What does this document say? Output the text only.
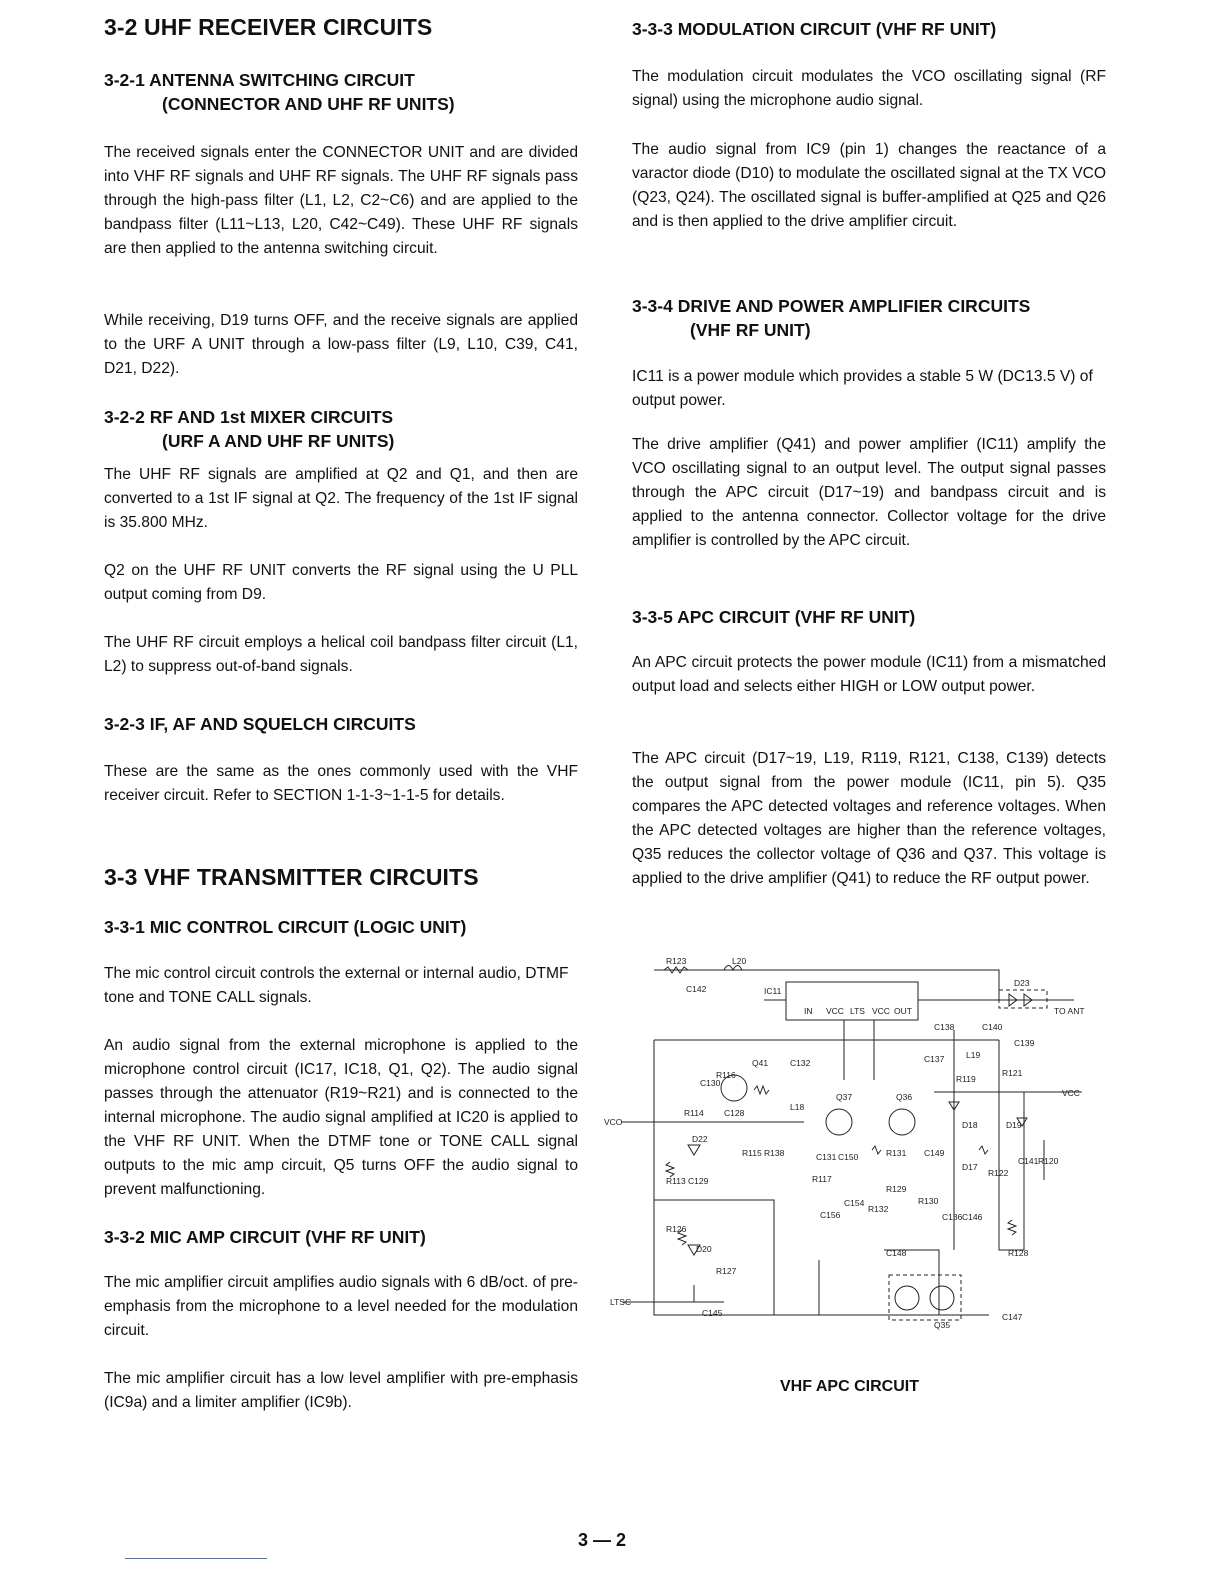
3-2 UHF RECEIVER CIRCUITS
3-2-1 ANTENNA SWITCHING CIRCUIT
(CONNECTOR AND UHF RF UNITS)
The received signals enter the CONNECTOR UNIT and are divided into VHF RF signals and UHF RF signals. The UHF RF signals pass through the high-pass filter (L1, L2, C2~C6) and are applied to the bandpass filter (L11~L13, L20, C42~C49). These UHF RF signals are then applied to the antenna switching circuit.
While receiving, D19 turns OFF, and the receive signals are applied to the URF A UNIT through a low-pass filter (L9, L10, C39, C41, D21, D22).
3-2-2 RF AND 1st MIXER CIRCUITS
(URF A AND UHF RF UNITS)
The UHF RF signals are amplified at Q2 and Q1, and then are converted to a 1st IF signal at Q2. The frequency of the 1st IF signal is 35.800 MHz.
Q2 on the UHF RF UNIT converts the RF signal using the U PLL output coming from D9.
The UHF RF circuit employs a helical coil bandpass filter circuit (L1, L2) to suppress out-of-band signals.
3-2-3 IF, AF AND SQUELCH CIRCUITS
These are the same as the ones commonly used with the VHF receiver circuit. Refer to SECTION 1-1-3~1-1-5 for details.
3-3 VHF TRANSMITTER CIRCUITS
3-3-1 MIC CONTROL CIRCUIT (LOGIC UNIT)
The mic control circuit controls the external or internal audio, DTMF tone and TONE CALL signals.
An audio signal from the external microphone is applied to the microphone control circuit (IC17, IC18, Q1, Q2). The audio signal passes through the attenuator (R19~R21) and is connected to the internal microphone. The audio signal amplified at IC20 is applied to the VHF RF UNIT. When the DTMF tone or TONE CALL signal outputs to the mic amp circuit, Q5 turns OFF the audio signal to prevent malfunctioning.
3-3-2 MIC AMP CIRCUIT (VHF RF UNIT)
The mic amplifier circuit amplifies audio signals with 6 dB/oct. of pre-emphasis from the microphone to a level needed for the modulation circuit.
The mic amplifier circuit has a low level amplifier with pre-emphasis (IC9a) and a limiter amplifier (IC9b).
3-3-3 MODULATION CIRCUIT (VHF RF UNIT)
The modulation circuit modulates the VCO oscillating signal (RF signal) using the microphone audio signal.
The audio signal from IC9 (pin 1) changes the reactance of a varactor diode (D10) to modulate the oscillated signal at the TX VCO (Q23, Q24). The oscillated signal is buffer-amplified at Q25 and Q26 and is then applied to the drive amplifier circuit.
3-3-4 DRIVE AND POWER AMPLIFIER CIRCUITS
(VHF RF UNIT)
IC11 is a power module which provides a stable 5 W (DC13.5 V) of output power.
The drive amplifier (Q41) and power amplifier (IC11) amplify the VCO oscillating signal to an output level. The output signal passes through the APC circuit (D17~19) and bandpass circuit and is applied to the antenna connector. Collector voltage for the drive amplifier is controlled by the APC circuit.
3-3-5 APC CIRCUIT (VHF RF UNIT)
An APC circuit protects the power module (IC11) from a mismatched output load and selects either HIGH or LOW output power.
The APC circuit (D17~19, L19, R119, R121, C138, C139) detects the output signal from the power module (IC11, pin 5). Q35 compares the APC detected voltages and reference voltages. When the APC detected voltages are higher than the reference voltages, Q35 reduces the collector voltage of Q36 and Q37. This voltage is applied to the drive amplifier (Q41) to reduce the RF output power.
R123	L20
C142	IC11
IN VCC LTS VCC OUT
C138	C140
D23
TO ANT
C139
C137	L19
R119
R121
VCC
Q41
C130
R116
C132
L18
Q37	Q36
VCO
R114 C128
D22
R115 R138	C131 C150	R131 C149
D18	D19
R113 C129	R117
D17
R122
C141 R120
C156
C154
R132
R129
R130
C136 C146
R126
D20
R127
C148	R128
LTSC
C145	C147
Q35
VHF APC CIRCUIT
3 — 2
